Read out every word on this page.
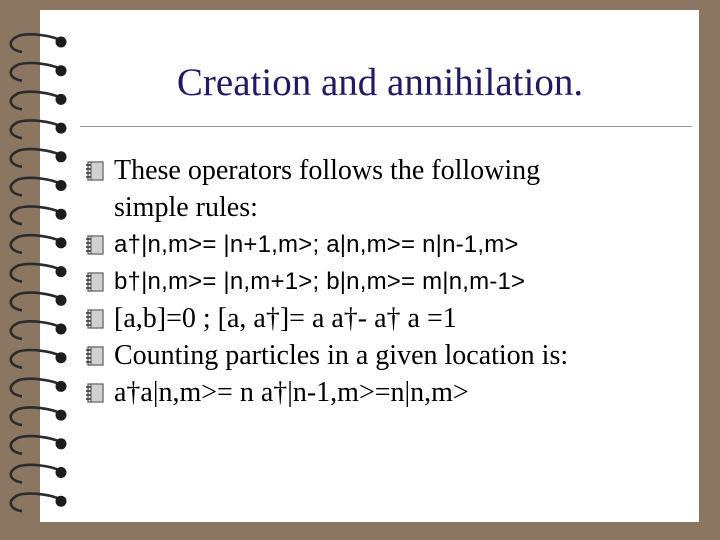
Creation and annihilation.
These operators follows the following
simple rules:
a†|n,m>= |n+1,m>; a|n,m>= n|n-1,m>
b†|n,m>= |n,m+1>; b|n,m>= m|n,m-1>
[a,b]=0 ; [a, a†]= a a†- a† a =1
Counting particles in a given location is:
a†a|n,m>= n a†|n-1,m>=n|n,m>
